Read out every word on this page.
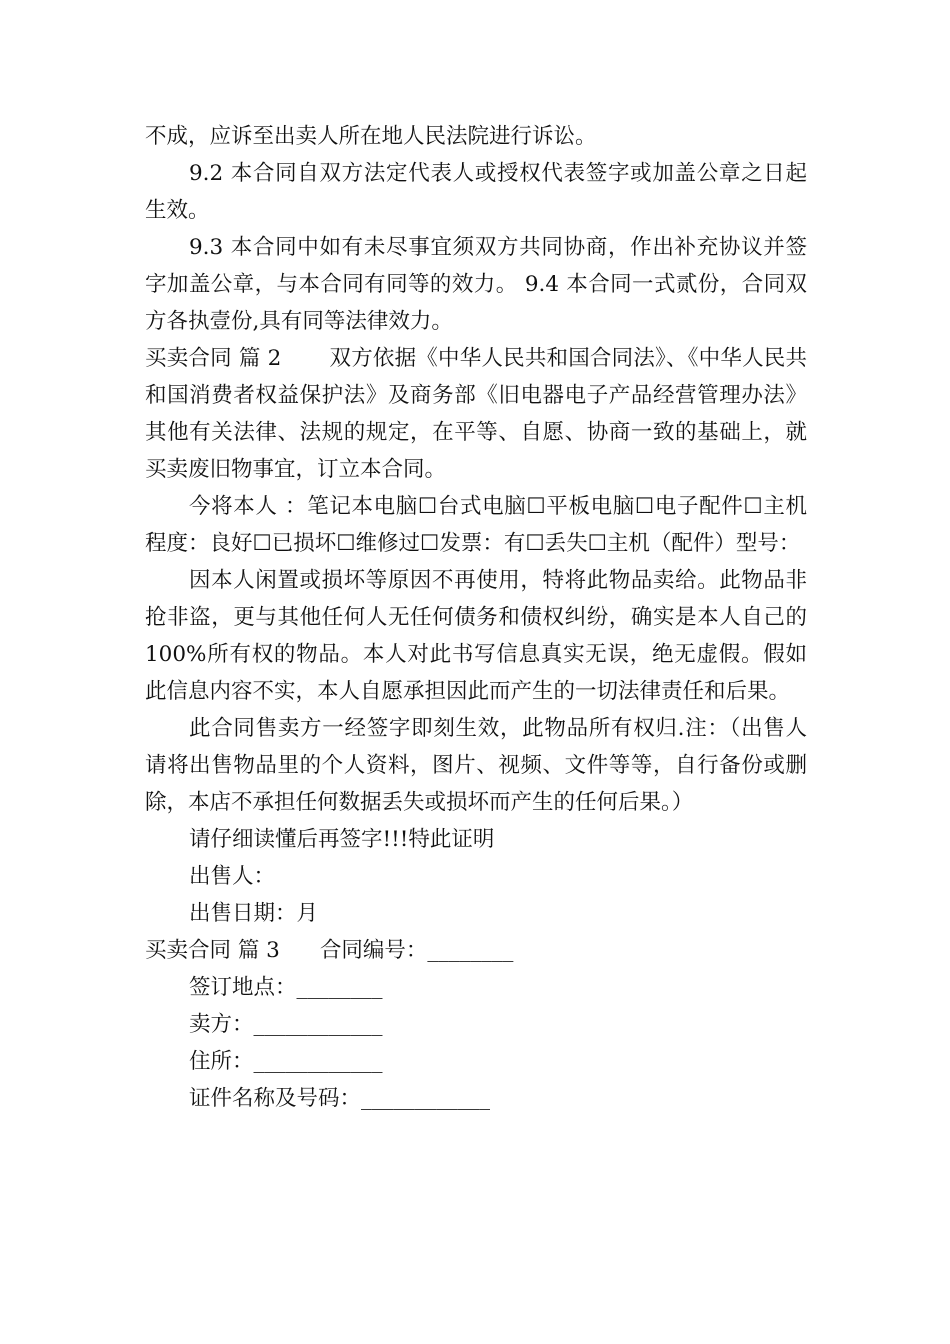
不成，应诉至出卖人所在地人民法院进行诉讼。

9.2 本合同自双方法定代表人或授权代表签字或加盖公章之日起生效。

9.3 本合同中如有未尽事宜须双方共同协商，作出补充协议并签字加盖公章，与本合同有同等的效力。 9.4 本合同一式贰份，合同双方各执壹份,具有同等法律效力。

买卖合同 篇 2 双方依据《中华人民共和国合同法》、《中华人民共和国消费者权益保护法》及商务部《旧电器电子产品经营管理办法》其他有关法律、法规的规定，在平等、自愿、协商一致的基础上，就买卖废旧物事宜，订立本合同。

今将本人 ：笔记本电脑☐台式电脑☐平板电脑☐电子配件☐主机程度：良好☐已损坏☐维修过☐发票：有☐丢失☐主机（配件）型号：

因本人闲置或损坏等原因不再使用，特将此物品卖给。此物品非抢非盗，更与其他任何人无任何债务和债权纠纷，确实是本人自己的 100%所有权的物品。本人对此书写信息真实无误，绝无虚假。假如此信息内容不实，本人自愿承担因此而产生的一切法律责任和后果。

此合同售卖方一经签字即刻生效，此物品所有权归.注：（出售人请将出售物品里的个人资料，图片、视频、文件等等，自行备份或删除，本店不承担任何数据丢失或损坏而产生的任何后果。）

请仔细读懂后再签字!!!特此证明

出售人：

出售日期：月

买卖合同 篇 3 合同编号：________

签订地点：________

卖方：____________

住所：____________

证件名称及号码：____________
